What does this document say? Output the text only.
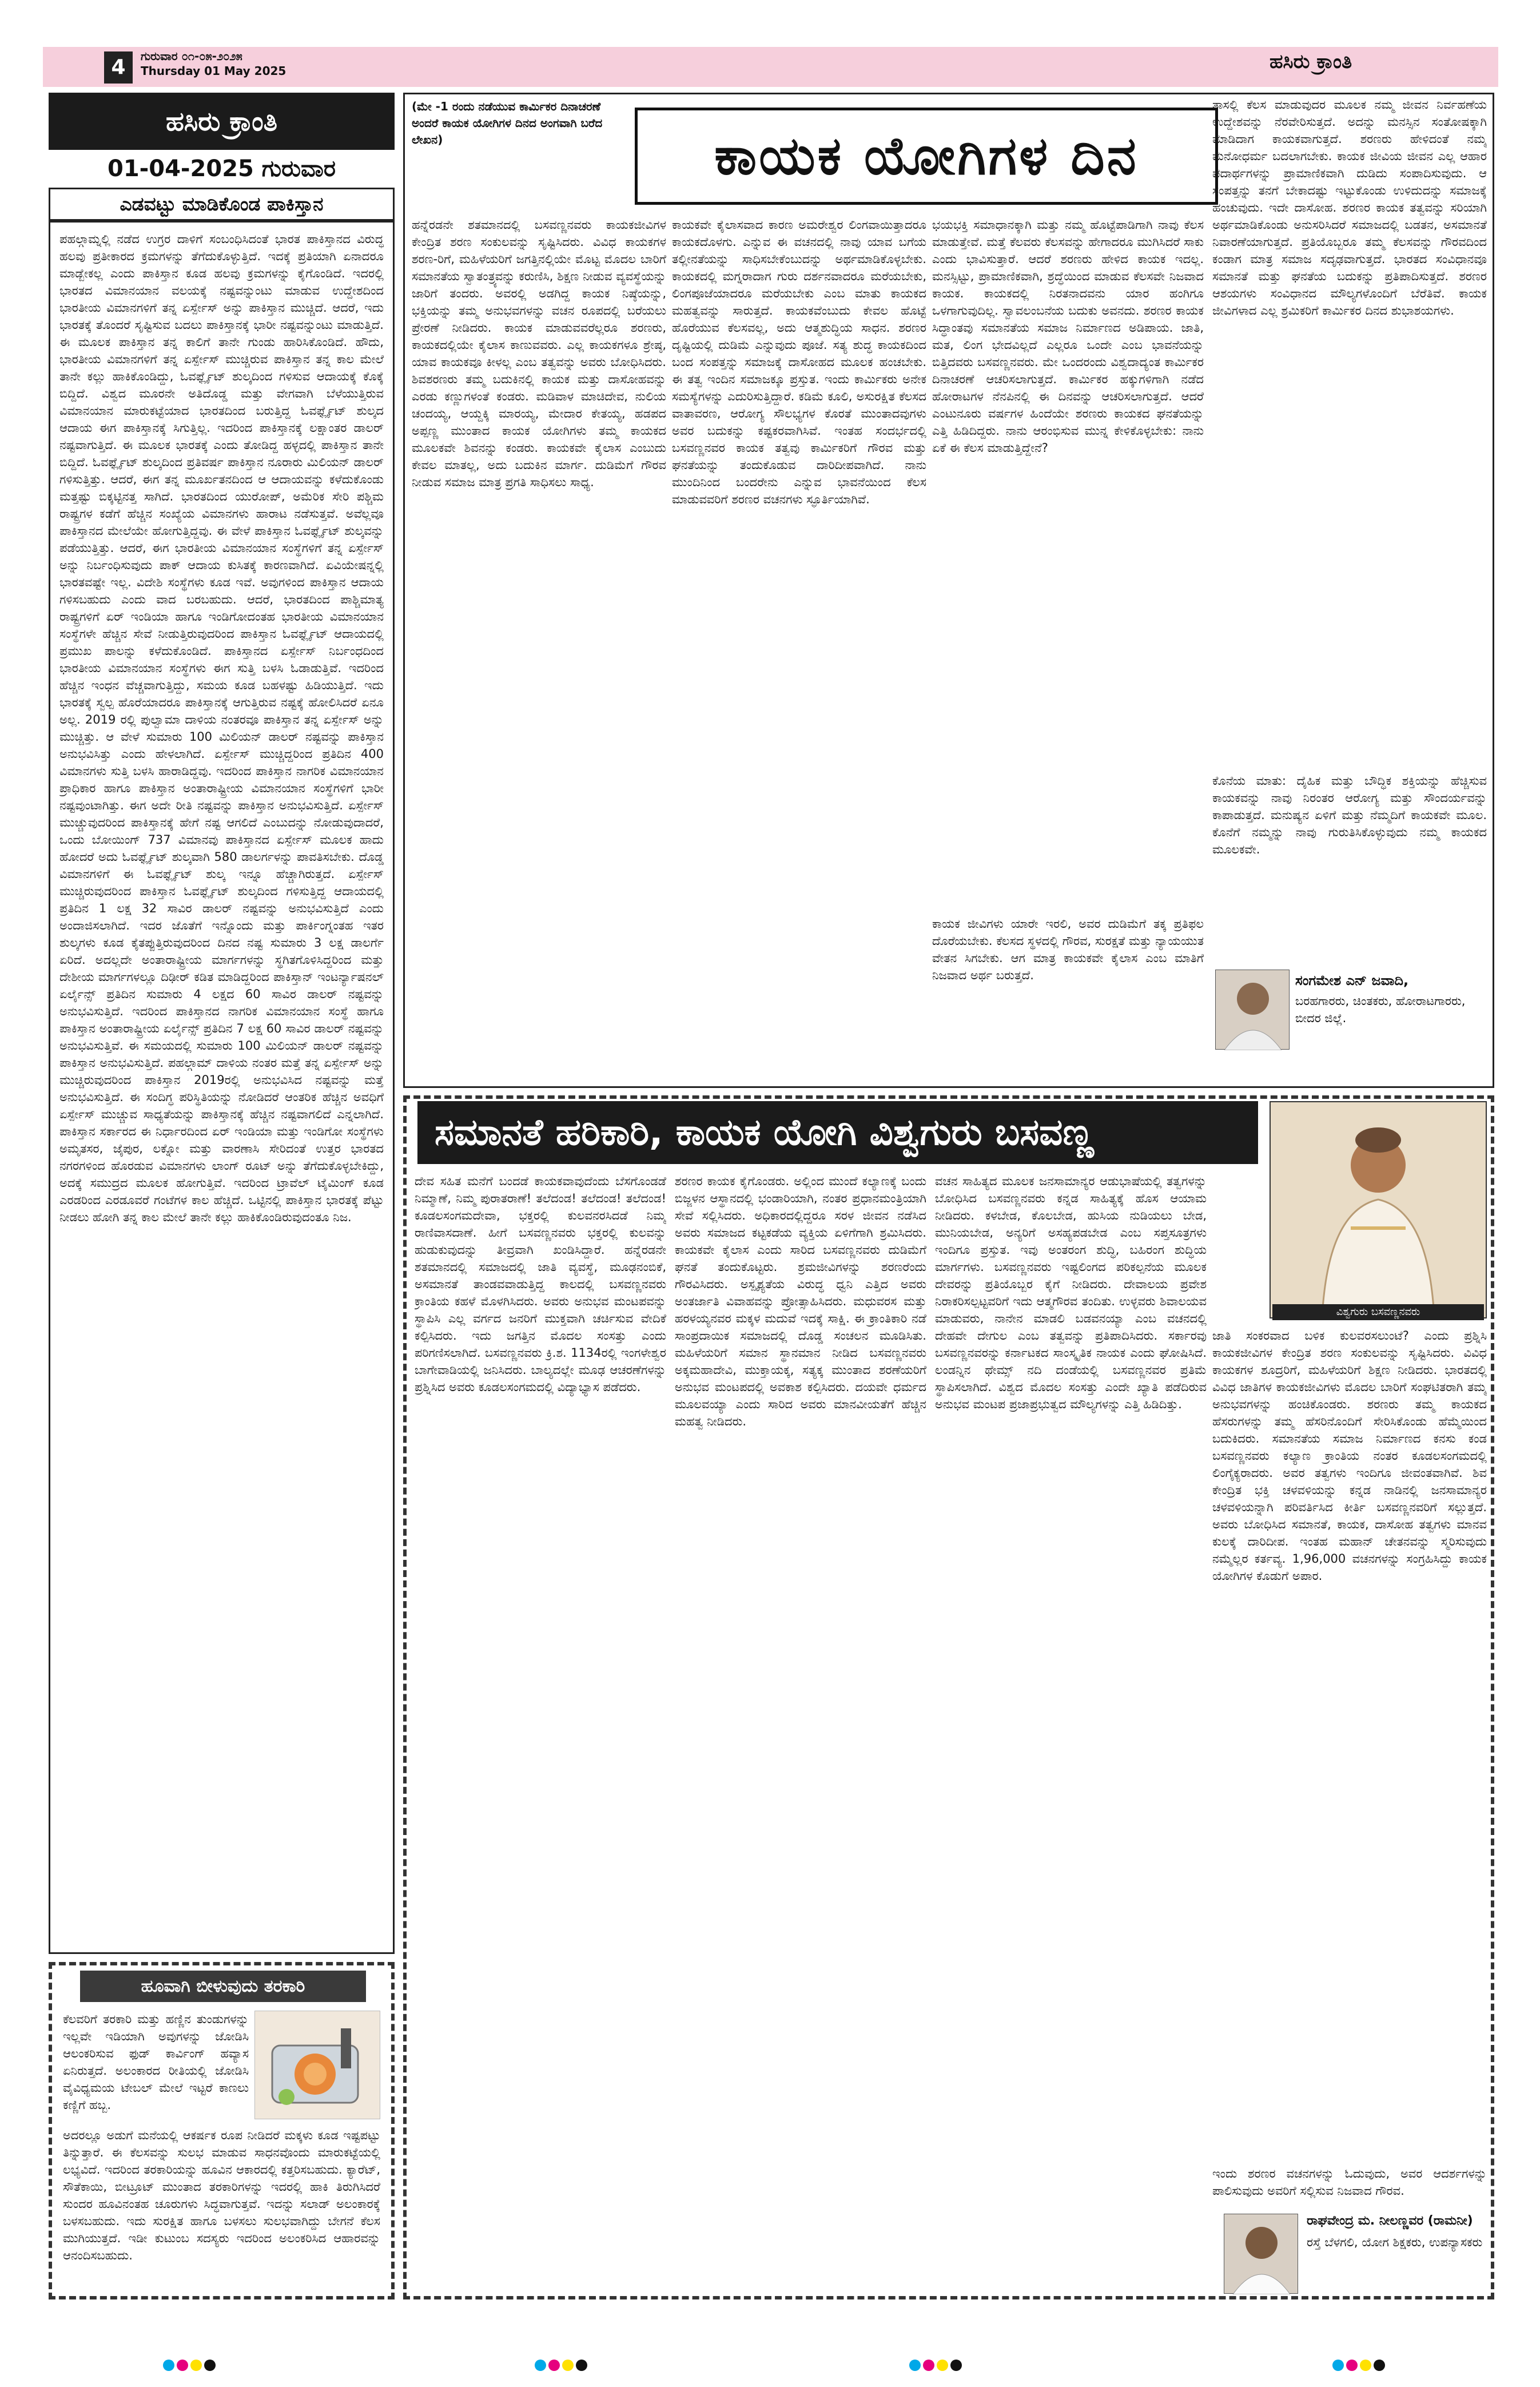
4	ಗುರುವಾರ ೦೧-೦೫-೨೦೨೫
Thursday 01 May 2025	ಹಸಿರು ಕ್ರಾಂತಿ
ಹಸಿರು ಕ್ರಾಂತಿ
01-04-2025 ಗುರುವಾರ
ಎಡವಟ್ಟು ಮಾಡಿಕೊಂಡ ಪಾಕಿಸ್ತಾನ
ಪಹಲ್ಗಾಮ್ನಲ್ಲಿ ನಡೆದ ಉಗ್ರರ ದಾಳಿಗೆ ಸಂಬಂಧಿಸಿದಂತೆ ಭಾರತ ಪಾಕಿಸ್ತಾನದ ವಿರುದ್ಧ ಹಲವು ಪ್ರತೀಕಾರದ ಕ್ರಮಗಳನ್ನು ತೆಗೆದುಕೊಳ್ಳುತ್ತಿದೆ. ಇದಕ್ಕೆ ಪ್ರತಿಯಾಗಿ ಏನಾದರೂ ಮಾಡ್ಬೇಕಲ್ಲ ಎಂದು ಪಾಕಿಸ್ತಾನ ಕೂಡ ಹಲವು ಕ್ರಮಗಳನ್ನು ಕೈಗೊಂಡಿದೆ. ಇದರಲ್ಲಿ ಭಾರತದ ವಿಮಾನಯಾನ ವಲಯಕ್ಕೆ ನಷ್ಟವನ್ನುಂಟು ಮಾಡುವ ಉದ್ದೇಶದಿಂದ ಭಾರತೀಯ ವಿಮಾನಗಳಿಗೆ ತನ್ನ ಏರ್ಸ್ಪೇಸ್ ಅನ್ನು ಪಾಕಿಸ್ತಾನ ಮುಚ್ಚಿದೆ. ಆದರೆ, ಇದು ಭಾರತಕ್ಕೆ ತೊಂದರೆ ಸೃಷ್ಟಿಸುವ ಬದಲು ಪಾಕಿಸ್ತಾನಕ್ಕೆ ಭಾರೀ ನಷ್ಟವನ್ನುಂಟು ಮಾಡುತ್ತಿದೆ. ಈ ಮೂಲಕ ಪಾಕಿಸ್ತಾನ ತನ್ನ ಕಾಲಿಗೆ ತಾನೇ ಗುಂಡು ಹಾರಿಸಿಕೊಂಡಿದೆ. ಹೌದು, ಭಾರತೀಯ ವಿಮಾನಗಳಿಗೆ ತನ್ನ ಏರ್ಸ್ಪೇಸ್ ಮುಚ್ಚಿರುವ ಪಾಕಿಸ್ತಾನ ತನ್ನ ಕಾಲ ಮೇಲೆ ತಾನೇ ಕಲ್ಲು ಹಾಕಿಕೊಂಡಿದ್ದು, ಓವರ್ಫ್ಲೈಟ್ ಶುಲ್ಕದಿಂದ ಗಳಿಸುವ ಆದಾಯಕ್ಕೆ ಕೊಕ್ಕೆ ಬಿದ್ದಿದೆ. ವಿಶ್ವದ ಮೂರನೇ ಅತಿದೊಡ್ಡ ಮತ್ತು ವೇಗವಾಗಿ ಬೆಳೆಯುತ್ತಿರುವ ವಿಮಾನಯಾನ ಮಾರುಕಟ್ಟೆಯಾದ ಭಾರತದಿಂದ ಬರುತ್ತಿದ್ದ ಓವರ್ಫ್ಲೈಟ್ ಶುಲ್ಕದ ಆದಾಯ ಈಗ ಪಾಕಿಸ್ತಾನಕ್ಕೆ ಸಿಗುತ್ತಿಲ್ಲ. ಇದರಿಂದ ಪಾಕಿಸ್ತಾನಕ್ಕೆ ಲಕ್ಷಾಂತರ ಡಾಲರ್ ನಷ್ಟವಾಗುತ್ತಿದೆ. ಈ ಮೂಲಕ ಭಾರತಕ್ಕೆ ಎಂದು ತೋಡಿದ್ದ ಹಳ್ಳದಲ್ಲಿ ಪಾಕಿಸ್ತಾನ ತಾನೇ ಬಿದ್ದಿದೆ. ಓವರ್ಫ್ಲೈಟ್ ಶುಲ್ಕದಿಂದ ಪ್ರತಿವರ್ಷ ಪಾಕಿಸ್ತಾನ ನೂರಾರು ಮಿಲಿಯನ್ ಡಾಲರ್ ಗಳಿಸುತ್ತಿತ್ತು. ಆದರೆ, ಈಗ ತನ್ನ ಮೂರ್ಖತನದಿಂದ ಆ ಆದಾಯವನ್ನು ಕಳೆದುಕೊಂಡು ಮತ್ತಷ್ಟು ಬಿಕ್ಕಟ್ಟಿನತ್ತ ಸಾಗಿದೆ. ಭಾರತದಿಂದ ಯುರೋಪ್, ಅಮೆರಿಕ ಸೇರಿ ಪಶ್ಚಿಮ ರಾಷ್ಟ್ರಗಳ ಕಡೆಗೆ ಹೆಚ್ಚಿನ ಸಂಖ್ಯೆಯ ವಿಮಾನಗಳು ಹಾರಾಟ ನಡೆಸುತ್ತವೆ. ಅವೆಲ್ಲವೂ ಪಾಕಿಸ್ತಾನದ ಮೇಲೆಯೇ ಹೋಗುತ್ತಿದ್ದವು. ಈ ವೇಳೆ ಪಾಕಿಸ್ತಾನ ಓವರ್ಫ್ಲೈಟ್ ಶುಲ್ಕವನ್ನು ಪಡೆಯುತ್ತಿತ್ತು. ಆದರೆ, ಈಗ ಭಾರತೀಯ ವಿಮಾನಯಾನ ಸಂಸ್ಥೆಗಳಿಗೆ ತನ್ನ ಏರ್ಸ್ಪೇಸ್ ಅನ್ನು ನಿರ್ಬಂಧಿಸುವುದು ಪಾಕ್ ಆದಾಯ ಕುಸಿತಕ್ಕೆ ಕಾರಣವಾಗಿದೆ. ಏವಿಯೇಷನ್ನಲ್ಲಿ ಭಾರತವಷ್ಟೇ ಇಲ್ಲ. ವಿದೇಶಿ ಸಂಸ್ಥೆಗಳು ಕೂಡ ಇವೆ. ಅವುಗಳಿಂದ ಪಾಕಿಸ್ತಾನ ಆದಾಯ ಗಳಿಸಬಹುದು ಎಂದು ವಾದ ಬರಬಹುದು. ಆದರೆ, ಭಾರತದಿಂದ ಪಾಶ್ಚಿಮಾತ್ಯ ರಾಷ್ಟ್ರಗಳಿಗೆ ಏರ್ ಇಂಡಿಯಾ ಹಾಗೂ ಇಂಡಿಗೋದಂತಹ ಭಾರತೀಯ ವಿಮಾನಯಾನ ಸಂಸ್ಥೆಗಳೇ ಹೆಚ್ಚಿನ ಸೇವೆ ನೀಡುತ್ತಿರುವುದರಿಂದ ಪಾಕಿಸ್ತಾನ ಓವರ್ಫ್ಲೈಟ್ ಆದಾಯದಲ್ಲಿ ಪ್ರಮುಖ ಪಾಲನ್ನು ಕಳೆದುಕೊಂಡಿದೆ. ಪಾಕಿಸ್ತಾನದ ಏರ್ಸ್ಪೇಸ್ ನಿರ್ಬಂಧದಿಂದ ಭಾರತೀಯ ವಿಮಾನಯಾನ ಸಂಸ್ಥೆಗಳು ಈಗ ಸುತ್ತಿ ಬಳಸಿ ಓಡಾಡುತ್ತಿವೆ. ಇದರಿಂದ ಹೆಚ್ಚಿನ ಇಂಧನ ವೆಚ್ಚವಾಗುತ್ತಿದ್ದು, ಸಮಯ ಕೂಡ ಬಹಳಷ್ಟು ಹಿಡಿಯುತ್ತಿದೆ. ಇದು ಭಾರತಕ್ಕೆ ಸ್ವಲ್ಪ ಹೊರೆಯಾದರೂ ಪಾಕಿಸ್ತಾನಕ್ಕೆ ಆಗುತ್ತಿರುವ ನಷ್ಟಕ್ಕೆ ಹೋಲಿಸಿದರೆ ಏನೂ ಅಲ್ಲ. 2019 ರಲ್ಲಿ ಪುಲ್ವಾಮಾ ದಾಳಿಯ ನಂತರವೂ ಪಾಕಿಸ್ತಾನ ತನ್ನ ಏರ್ಸ್ಪೇಸ್ ಅನ್ನು ಮುಚ್ಚಿತ್ತು. ಆ ವೇಳೆ ಸುಮಾರು 100 ಮಿಲಿಯನ್ ಡಾಲರ್ ನಷ್ಟವನ್ನು ಪಾಕಿಸ್ತಾನ ಅನುಭವಿಸಿತ್ತು ಎಂದು ಹೇಳಲಾಗಿದೆ. ಏರ್ಸ್ಪೇಸ್ ಮುಚ್ಚಿದ್ದರಿಂದ ಪ್ರತಿದಿನ 400 ವಿಮಾನಗಳು ಸುತ್ತಿ ಬಳಸಿ ಹಾರಾಡಿದ್ದವು. ಇದರಿಂದ ಪಾಕಿಸ್ತಾನ ನಾಗರಿಕ ವಿಮಾನಯಾನ ಪ್ರಾಧಿಕಾರ ಹಾಗೂ ಪಾಕಿಸ್ತಾನ ಅಂತಾರಾಷ್ಟ್ರೀಯ ವಿಮಾನಯಾನ ಸಂಸ್ಥೆಗಳಿಗೆ ಭಾರೀ ನಷ್ಟವುಂಟಾಗಿತ್ತು. ಈಗ ಅದೇ ರೀತಿ ನಷ್ಟವನ್ನು ಪಾಕಿಸ್ತಾನ ಅನುಭವಿಸುತ್ತಿದೆ. ಏರ್ಸ್ಪೇಸ್ ಮುಚ್ಚುವುದರಿಂದ ಪಾಕಿಸ್ತಾನಕ್ಕೆ ಹೇಗೆ ನಷ್ಟ ಆಗಲಿದೆ ಎಂಬುದನ್ನು ನೋಡುವುದಾದರೆ, ಒಂದು ಬೋಯಿಂಗ್ 737 ವಿಮಾನವು ಪಾಕಿಸ್ತಾನದ ಏರ್ಸ್ಪೇಸ್ ಮೂಲಕ ಹಾದು ಹೋದರೆ ಅದು ಓವರ್ಫ್ಲೈಟ್ ಶುಲ್ಕವಾಗಿ 580 ಡಾಲರ್ಗಳನ್ನು ಪಾವತಿಸಬೇಕು. ದೊಡ್ಡ ವಿಮಾನಗಳಿಗೆ ಈ ಓವರ್ಫ್ಲೈಟ್ ಶುಲ್ಕ ಇನ್ನೂ ಹೆಚ್ಚಾಗಿರುತ್ತದೆ. ಏರ್ಸ್ಪೇಸ್ ಮುಚ್ಚಿರುವುದರಿಂದ ಪಾಕಿಸ್ತಾನ ಓವರ್ಫ್ಲೈಟ್ ಶುಲ್ಕದಿಂದ ಗಳಿಸುತ್ತಿದ್ದ ಆದಾಯದಲ್ಲಿ ಪ್ರತಿದಿನ 1 ಲಕ್ಷ 32 ಸಾವಿರ ಡಾಲರ್ ನಷ್ಟವನ್ನು ಅನುಭವಿಸುತ್ತಿದೆ ಎಂದು ಅಂದಾಜಿಸಲಾಗಿದೆ. ಇದರ ಜೊತೆಗೆ ಇನ್ನೊಂದು ಮತ್ತು ಪಾರ್ಕಿಂಗ್ನಂತಹ ಇತರ ಶುಲ್ಕಗಳು ಕೂಡ ಕೈತಪ್ಪುತ್ತಿರುವುದರಿಂದ ದಿನದ ನಷ್ಟ ಸುಮಾರು 3 ಲಕ್ಷ ಡಾಲರ್ಗೆ ಏರಿದೆ. ಅದಲ್ಲದೇ ಅಂತಾರಾಷ್ಟ್ರೀಯ ಮಾರ್ಗಗಳನ್ನು ಸ್ಥಗಿತಗೊಳಿಸಿದ್ದರಿಂದ ಮತ್ತು ದೇಶೀಯ ಮಾರ್ಗಗಳಲ್ಲೂ ದಿಢೀರ್ ಕಡಿತ ಮಾಡಿದ್ದರಿಂದ ಪಾಕಿಸ್ತಾನ್ ಇಂಟರ್ನ್ಯಾಷನಲ್ ಏರ್ಲೈನ್ಸ್ ಪ್ರತಿದಿನ ಸುಮಾರು 4 ಲಕ್ಷದ 60 ಸಾವಿರ ಡಾಲರ್ ನಷ್ಟವನ್ನು ಅನುಭವಿಸುತ್ತಿದೆ. ಇದರಿಂದ ಪಾಕಿಸ್ತಾನದ ನಾಗರಿಕ ವಿಮಾನಯಾನ ಸಂಸ್ಥೆ ಹಾಗೂ ಪಾಕಿಸ್ತಾನ ಅಂತಾರಾಷ್ಟ್ರೀಯ ಏರ್ಲೈನ್ಸ್ ಪ್ರತಿದಿನ 7 ಲಕ್ಷ 60 ಸಾವಿರ ಡಾಲರ್ ನಷ್ಟವನ್ನು ಅನುಭವಿಸುತ್ತಿವೆ. ಈ ಸಮಯದಲ್ಲಿ ಸುಮಾರು 100 ಮಿಲಿಯನ್ ಡಾಲರ್ ನಷ್ಟವನ್ನು ಪಾಕಿಸ್ತಾನ ಅನುಭವಿಸುತ್ತಿದೆ. ಪಹಲ್ಗಾಮ್ ದಾಳಿಯ ನಂತರ ಮತ್ತೆ ತನ್ನ ಏರ್ಸ್ಪೇಸ್ ಅನ್ನು ಮುಚ್ಚಿರುವುದರಿಂದ ಪಾಕಿಸ್ತಾನ 2019ರಲ್ಲಿ ಅನುಭವಿಸಿದ ನಷ್ಟವನ್ನು ಮತ್ತೆ ಅನುಭವಿಸುತ್ತಿದೆ. ಈ ಸಂದಿಗ್ಧ ಪರಿಸ್ಥಿತಿಯನ್ನು ನೋಡಿದರೆ ಆಂತರಿಕ ಹೆಚ್ಚಿನ ಅವಧಿಗೆ ಏರ್ಸ್ಪೇಸ್ ಮುಚ್ಚುವ ಸಾಧ್ಯತೆಯನ್ನು ಪಾಕಿಸ್ತಾನಕ್ಕೆ ಹೆಚ್ಚಿನ ನಷ್ಟವಾಗಲಿದೆ ಎನ್ನಲಾಗಿದೆ. ಪಾಕಿಸ್ತಾನ ಸರ್ಕಾರದ ಈ ನಿರ್ಧಾರದಿಂದ ಏರ್ ಇಂಡಿಯಾ ಮತ್ತು ಇಂಡಿಗೋ ಸಂಸ್ಥೆಗಳು ಅಮೃತಸರ, ಜೈಪುರ, ಲಕ್ನೋ ಮತ್ತು ವಾರಣಾಸಿ ಸೇರಿದಂತೆ ಉತ್ತರ ಭಾರತದ ನಗರಗಳಿಂದ ಹೊರಡುವ ವಿಮಾನಗಳು ಲಾಂಗ್ ರೂಟ್ ಅನ್ನು ತೆಗೆದುಕೊಳ್ಳಬೇಕಿದ್ದು, ಅದಕ್ಕೆ ಸಮುದ್ರದ ಮೂಲಕ ಹೋಗುತ್ತಿವೆ. ಇದರಿಂದ ಟ್ರಾವೆಲ್ ಟೈಮಿಂಗ್ ಕೂಡ ಎರಡರಿಂದ ಎರಡೂವರೆ ಗಂಟೆಗಳ ಕಾಲ ಹೆಚ್ಚಿದೆ. ಒಟ್ಟಿನಲ್ಲಿ ಪಾಕಿಸ್ತಾನ ಭಾರತಕ್ಕೆ ಪೆಟ್ಟು ನೀಡಲು ಹೋಗಿ ತನ್ನ ಕಾಲ ಮೇಲೆ ತಾನೇ ಕಲ್ಲು ಹಾಕಿಕೊಂಡಿರುವುದಂತೂ ನಿಜ.
ಹೂವಾಗಿ ಬೀಳುವುದು ತರಕಾರಿ
ಕೆಲವರಿಗೆ ತರಕಾರಿ ಮತ್ತು ಹಣ್ಣಿನ ತುಂಡುಗಳನ್ನು ಇಲ್ಲವೇ ಇಡಿಯಾಗಿ ಅವುಗಳನ್ನು ಜೋಡಿಸಿ ಆಲಂಕರಿಸುವ ಫುಡ್ ಕಾರ್ವಿಂಗ್ ಹವ್ಯಾಸ ಏನಿರುತ್ತದೆ. ಅಲಂಕಾರದ ರೀತಿಯಲ್ಲಿ ಜೋಡಿಸಿ ವೈವಿಧ್ಯಮಯ ಟೇಬಲ್ ಮೇಲೆ ಇಟ್ಟರೆ ಕಾಣಲು ಕಣ್ಣಿಗೆ ಹಬ್ಬ.
ಅದರಲ್ಲೂ ಅಡುಗೆ ಮನೆಯಲ್ಲಿ ಆಕರ್ಷಕ ರೂಪ ನೀಡಿದರೆ ಮಕ್ಕಳು ಕೂಡ ಇಷ್ಟಪಟ್ಟು ತಿನ್ನುತ್ತಾರೆ. ಈ ಕೆಲಸವನ್ನು ಸುಲಭ ಮಾಡುವ ಸಾಧನವೊಂದು ಮಾರುಕಟ್ಟೆಯಲ್ಲಿ ಲಭ್ಯವಿದೆ. ಇದರಿಂದ ತರಕಾರಿಯನ್ನು ಹೂವಿನ ಆಕಾರದಲ್ಲಿ ಕತ್ತರಿಸಬಹುದು. ಕ್ಯಾರೆಟ್, ಸೌತೆಕಾಯಿ, ಬೀಟ್ರೂಟ್ ಮುಂತಾದ ತರಕಾರಿಗಳನ್ನು ಇದರಲ್ಲಿ ಹಾಕಿ ತಿರುಗಿಸಿದರೆ ಸುಂದರ ಹೂವಿನಂತಹ ಚೂರುಗಳು ಸಿದ್ಧವಾಗುತ್ತವೆ. ಇದನ್ನು ಸಲಾಡ್ ಅಲಂಕಾರಕ್ಕೆ ಬಳಸಬಹುದು. ಇದು ಸುರಕ್ಷಿತ ಹಾಗೂ ಬಳಸಲು ಸುಲಭವಾಗಿದ್ದು ಬೇಗನೆ ಕೆಲಸ ಮುಗಿಯುತ್ತದೆ. ಇಡೀ ಕುಟುಂಬ ಸದಸ್ಯರು ಇದರಿಂದ ಅಲಂಕರಿಸಿದ ಆಹಾರವನ್ನು ಆನಂದಿಸಬಹುದು.
(ಮೇ -1 ರಂದು ನಡೆಯುವ ಕಾರ್ಮಿಕರ ದಿನಾಚರಣೆ ಅಂದರೆ ಕಾಯಕ ಯೋಗಿಗಳ ದಿನದ ಅಂಗವಾಗಿ ಬರೆದ ಲೇಖನ)	ಕಾಯಕ ಯೋಗಿಗಳ ದಿನ
ಹನ್ನೆರಡನೇ ಶತಮಾನದಲ್ಲಿ ಬಸವಣ್ಣನವರು ಕಾಯಕಜೀವಿಗಳ ಕೇಂದ್ರಿತ ಶರಣ ಸಂಕುಲವನ್ನು ಸೃಷ್ಟಿಸಿದರು. ವಿವಿಧ ಕಾಯಕಗಳ ಶರಣ-ರಿಗೆ, ಮಹಿಳೆಯರಿಗೆ ಜಗತ್ತಿನಲ್ಲಿಯೇ ಮೊಟ್ಟ ಮೊದಲ ಬಾರಿಗೆ ಸಮಾನತೆಯ ಸ್ವಾತಂತ್ರ್ಯವನ್ನು ಕರುಣಿಸಿ, ಶಿಕ್ಷಣ ನೀಡುವ ವ್ಯವಸ್ಥೆಯನ್ನು ಜಾರಿಗೆ ತಂದರು. ಅವರಲ್ಲಿ ಅಡಗಿದ್ದ ಕಾಯಕ ನಿಷ್ಠೆಯನ್ನು, ಭಕ್ತಿಯನ್ನು ತಮ್ಮ ಅನುಭವಗಳನ್ನು ವಚನ ರೂಪದಲ್ಲಿ ಬರೆಯಲು ಪ್ರೇರಣೆ ನೀಡಿದರು. ಕಾಯಕ ಮಾಡುವವರೆಲ್ಲರೂ ಶರಣರು, ಕಾಯಕದಲ್ಲಿಯೇ ಕೈಲಾಸ ಕಾಣುವವರು. ಎಲ್ಲ ಕಾಯಕಗಳೂ ಶ್ರೇಷ್ಠ, ಯಾವ ಕಾಯಕವೂ ಕೀಳಲ್ಲ ಎಂಬ ತತ್ವವನ್ನು ಅವರು ಬೋಧಿಸಿದರು. ಶಿವಶರಣರು ತಮ್ಮ ಬದುಕಿನಲ್ಲಿ ಕಾಯಕ ಮತ್ತು ದಾಸೋಹವನ್ನು ಎರಡು ಕಣ್ಣುಗಳಂತೆ ಕಂಡರು. ಮಡಿವಾಳ ಮಾಚಿದೇವ, ನುಲಿಯ ಚಂದಯ್ಯ, ಆಯ್ದಕ್ಕಿ ಮಾರಯ್ಯ, ಮೇದಾರ ಕೇತಯ್ಯ, ಹಡಪದ ಅಪ್ಪಣ್ಣ ಮುಂತಾದ ಕಾಯಕ ಯೋಗಿಗಳು ತಮ್ಮ ಕಾಯಕದ ಮೂಲಕವೇ ಶಿವನನ್ನು ಕಂಡರು. ಕಾಯಕವೇ ಕೈಲಾಸ ಎಂಬುದು ಕೇವಲ ಮಾತಲ್ಲ, ಅದು ಬದುಕಿನ ಮಾರ್ಗ. ದುಡಿಮೆಗೆ ಗೌರವ ನೀಡುವ ಸಮಾಜ ಮಾತ್ರ ಪ್ರಗತಿ ಸಾಧಿಸಲು ಸಾಧ್ಯ.
ಕಾಯಕವೇ ಕೈಲಾಸವಾದ ಕಾರಣ ಅಮರೇಶ್ವರ ಲಿಂಗವಾಯಿತ್ತಾದರೂ ಕಾಯಕದೊಳಗು. ಎನ್ನುವ ಈ ವಚನದಲ್ಲಿ ನಾವು ಯಾವ ಬಗೆಯ ತಲ್ಲೀನತೆಯನ್ನು ಸಾಧಿಸಬೇಕೆಂಬುದನ್ನು ಅರ್ಥಮಾಡಿಕೊಳ್ಳಬೇಕು. ಕಾಯಕದಲ್ಲಿ ಮಗ್ನರಾದಾಗ ಗುರು ದರ್ಶನವಾದರೂ ಮರೆಯಬೇಕು, ಲಿಂಗಪೂಜೆಯಾದರೂ ಮರೆಯಬೇಕು ಎಂಬ ಮಾತು ಕಾಯಕದ ಮಹತ್ವವನ್ನು ಸಾರುತ್ತದೆ. ಕಾಯಕವೆಂಬುದು ಕೇವಲ ಹೊಟ್ಟೆ ಹೊರೆಯುವ ಕೆಲಸವಲ್ಲ, ಅದು ಆತ್ಮಶುದ್ಧಿಯ ಸಾಧನ. ಶರಣರ ದೃಷ್ಟಿಯಲ್ಲಿ ದುಡಿಮೆ ಎನ್ನುವುದು ಪೂಜೆ. ಸತ್ಯ ಶುದ್ಧ ಕಾಯಕದಿಂದ ಬಂದ ಸಂಪತ್ತನ್ನು ಸಮಾಜಕ್ಕೆ ದಾಸೋಹದ ಮೂಲಕ ಹಂಚಬೇಕು. ಈ ತತ್ವ ಇಂದಿನ ಸಮಾಜಕ್ಕೂ ಪ್ರಸ್ತುತ. ಇಂದು ಕಾರ್ಮಿಕರು ಅನೇಕ ಸಮಸ್ಯೆಗಳನ್ನು ಎದುರಿಸುತ್ತಿದ್ದಾರೆ. ಕಡಿಮೆ ಕೂಲಿ, ಅಸುರಕ್ಷಿತ ಕೆಲಸದ ವಾತಾವರಣ, ಆರೋಗ್ಯ ಸೌಲಭ್ಯಗಳ ಕೊರತೆ ಮುಂತಾದವುಗಳು ಅವರ ಬದುಕನ್ನು ಕಷ್ಟಕರವಾಗಿಸಿವೆ. ಇಂತಹ ಸಂದರ್ಭದಲ್ಲಿ ಬಸವಣ್ಣನವರ ಕಾಯಕ ತತ್ವವು ಕಾರ್ಮಿಕರಿಗೆ ಗೌರವ ಮತ್ತು ಘನತೆಯನ್ನು ತಂದುಕೊಡುವ ದಾರಿದೀಪವಾಗಿದೆ. ನಾನು ಮುಂದಿನಿಂದ ಬಂದರೇನು ಎನ್ನುವ ಭಾವನೆಯಿಂದ ಕೆಲಸ ಮಾಡುವವರಿಗೆ ಶರಣರ ವಚನಗಳು ಸ್ಫೂರ್ತಿಯಾಗಿವೆ.
ಭಯಭಕ್ತಿ ಸಮಾಧಾನಕ್ಕಾಗಿ ಮತ್ತು ನಮ್ಮ ಹೊಟ್ಟೆಪಾಡಿಗಾಗಿ ನಾವು ಕೆಲಸ ಮಾಡುತ್ತೇವೆ. ಮತ್ತೆ ಕೆಲವರು ಕೆಲಸವನ್ನು ಹೇಗಾದರೂ ಮುಗಿಸಿದರೆ ಸಾಕು ಎಂದು ಭಾವಿಸುತ್ತಾರೆ. ಆದರೆ ಶರಣರು ಹೇಳಿದ ಕಾಯಕ ಇದಲ್ಲ. ಮನಸ್ಸಿಟ್ಟು, ಪ್ರಾಮಾಣಿಕವಾಗಿ, ಶ್ರದ್ಧೆಯಿಂದ ಮಾಡುವ ಕೆಲಸವೇ ನಿಜವಾದ ಕಾಯಕ. ಕಾಯಕದಲ್ಲಿ ನಿರತನಾದವನು ಯಾರ ಹಂಗಿಗೂ ಒಳಗಾಗುವುದಿಲ್ಲ. ಸ್ವಾವಲಂಬನೆಯ ಬದುಕು ಅವನದು. ಶರಣರ ಕಾಯಕ ಸಿದ್ಧಾಂತವು ಸಮಾನತೆಯ ಸಮಾಜ ನಿರ್ಮಾಣದ ಅಡಿಪಾಯ. ಜಾತಿ, ಮತ, ಲಿಂಗ ಭೇದವಿಲ್ಲದೆ ಎಲ್ಲರೂ ಒಂದೇ ಎಂಬ ಭಾವನೆಯನ್ನು ಬಿತ್ತಿದವರು ಬಸವಣ್ಣನವರು. ಮೇ ಒಂದರಂದು ವಿಶ್ವದಾದ್ಯಂತ ಕಾರ್ಮಿಕರ ದಿನಾಚರಣೆ ಆಚರಿಸಲಾಗುತ್ತದೆ. ಕಾರ್ಮಿಕರ ಹಕ್ಕುಗಳಿಗಾಗಿ ನಡೆದ ಹೋರಾಟಗಳ ನೆನಪಿನಲ್ಲಿ ಈ ದಿನವನ್ನು ಆಚರಿಸಲಾಗುತ್ತದೆ. ಆದರೆ ಎಂಟುನೂರು ವರ್ಷಗಳ ಹಿಂದೆಯೇ ಶರಣರು ಕಾಯಕದ ಘನತೆಯನ್ನು ಎತ್ತಿ ಹಿಡಿದಿದ್ದರು. ನಾನು ಆರಂಭಿಸುವ ಮುನ್ನ ಕೇಳಿಕೊಳ್ಳಬೇಕು: ನಾನು ಏಕೆ ಈ ಕೆಲಸ ಮಾಡುತ್ತಿದ್ದೇನೆ?
ಕಾಯಕ ಜೀವಿಗಳು ಯಾರೇ ಇರಲಿ, ಅವರ ದುಡಿಮೆಗೆ ತಕ್ಕ ಪ್ರತಿಫಲ ದೊರೆಯಬೇಕು. ಕೆಲಸದ ಸ್ಥಳದಲ್ಲಿ ಗೌರವ, ಸುರಕ್ಷತೆ ಮತ್ತು ನ್ಯಾಯಯುತ ವೇತನ ಸಿಗಬೇಕು. ಆಗ ಮಾತ್ರ ಕಾಯಕವೇ ಕೈಲಾಸ ಎಂಬ ಮಾತಿಗೆ ನಿಜವಾದ ಅರ್ಥ ಬರುತ್ತದೆ.
ತಾಸಲ್ಲಿ ಕೆಲಸ ಮಾಡುವುದರ ಮೂಲಕ ನಮ್ಮ ಜೀವನ ನಿರ್ವಹಣೆಯ ಉದ್ದೇಶವನ್ನು ನೆರವೇರಿಸುತ್ತದೆ. ಅದನ್ನು ಮನಸ್ಸಿನ ಸಂತೋಷಕ್ಕಾಗಿ ಮಾಡಿದಾಗ ಕಾಯಕವಾಗುತ್ತದೆ. ಶರಣರು ಹೇಳಿದಂತೆ ನಮ್ಮ ಮನೋಧರ್ಮ ಬದಲಾಗಬೇಕು. ಕಾಯಕ ಜೀವಿಯ ಜೀವನ ಎಲ್ಲ ಆಹಾರ ಪದಾರ್ಥಗಳನ್ನು ಪ್ರಾಮಾಣಿಕವಾಗಿ ದುಡಿದು ಸಂಪಾದಿಸುವುದು. ಆ ಸಂಪತ್ತನ್ನು ತನಗೆ ಬೇಕಾದಷ್ಟು ಇಟ್ಟುಕೊಂಡು ಉಳಿದುದನ್ನು ಸಮಾಜಕ್ಕೆ ಹಂಚುವುದು. ಇದೇ ದಾಸೋಹ. ಶರಣರ ಕಾಯಕ ತತ್ವವನ್ನು ಸರಿಯಾಗಿ ಅರ್ಥಮಾಡಿಕೊಂಡು ಅನುಸರಿಸಿದರೆ ಸಮಾಜದಲ್ಲಿ ಬಡತನ, ಅಸಮಾನತೆ ನಿವಾರಣೆಯಾಗುತ್ತದೆ. ಪ್ರತಿಯೊಬ್ಬರೂ ತಮ್ಮ ಕೆಲಸವನ್ನು ಗೌರವದಿಂದ ಕಂಡಾಗ ಮಾತ್ರ ಸಮಾಜ ಸದೃಢವಾಗುತ್ತದೆ. ಭಾರತದ ಸಂವಿಧಾನವೂ ಸಮಾನತೆ ಮತ್ತು ಘನತೆಯ ಬದುಕನ್ನು ಪ್ರತಿಪಾದಿಸುತ್ತದೆ. ಶರಣರ ಆಶಯಗಳು ಸಂವಿಧಾನದ ಮೌಲ್ಯಗಳೊಂದಿಗೆ ಬೆರೆತಿವೆ. ಕಾಯಕ ಜೀವಿಗಳಾದ ಎಲ್ಲ ಶ್ರಮಿಕರಿಗೆ ಕಾರ್ಮಿಕರ ದಿನದ ಶುಭಾಶಯಗಳು.
ಕೊನೆಯ ಮಾತು: ದೈಹಿಕ ಮತ್ತು ಬೌದ್ಧಿಕ ಶಕ್ತಿಯನ್ನು ಹೆಚ್ಚಿಸುವ ಕಾಯಕವನ್ನು ನಾವು ನಿರಂತರ ಆರೋಗ್ಯ ಮತ್ತು ಸೌಂದರ್ಯವನ್ನು ಕಾಪಾಡುತ್ತದೆ. ಮನುಷ್ಯನ ಏಳಿಗೆ ಮತ್ತು ನೆಮ್ಮದಿಗೆ ಕಾಯಕವೇ ಮೂಲ. ಕೊನೆಗೆ ನಮ್ಮನ್ನು ನಾವು ಗುರುತಿಸಿಕೊಳ್ಳುವುದು ನಮ್ಮ ಕಾಯಕದ ಮೂಲಕವೇ.
ಸಂಗಮೇಶ ಎನ್ ಜವಾದಿ,
ಬರಹಗಾರರು, ಚಿಂತಕರು, ಹೋರಾಟಗಾರರು, ಬೀದರ ಜಿಲ್ಲೆ.
ಸಮಾನತೆ ಹರಿಕಾರಿ, ಕಾಯಕ ಯೋಗಿ ವಿಶ್ವಗುರು ಬಸವಣ್ಣ
ವಿಶ್ವಗುರು ಬಸವಣ್ಣನವರು
ದೇವ ಸಹಿತ ಮನೆಗೆ ಬಂದಡೆ ಕಾಯಕವಾವುದೆಂದು ಬೆಸಗೊಂಡಡೆ ನಿಮ್ಮಾಣೆ, ನಿಮ್ಮ ಪುರಾತರಾಣೆ! ತಲೆದಂಡ! ತಲೆದಂಡ! ತಲೆದಂಡ! ಕೂಡಲಸಂಗಮದೇವಾ, ಭಕ್ತರಲ್ಲಿ ಕುಲವನರಸಿದಡೆ ನಿಮ್ಮ ರಾಣಿವಾಸದಾಣೆ. ಹೀಗೆ ಬಸವಣ್ಣನವರು ಭಕ್ತರಲ್ಲಿ ಕುಲವನ್ನು ಹುಡುಕುವುದನ್ನು ತೀವ್ರವಾಗಿ ಖಂಡಿಸಿದ್ದಾರೆ. ಹನ್ನೆರಡನೇ ಶತಮಾನದಲ್ಲಿ ಸಮಾಜದಲ್ಲಿ ಜಾತಿ ವ್ಯವಸ್ಥೆ, ಮೂಢನಂಬಿಕೆ, ಅಸಮಾನತೆ ತಾಂಡವವಾಡುತ್ತಿದ್ದ ಕಾಲದಲ್ಲಿ ಬಸವಣ್ಣನವರು ಕ್ರಾಂತಿಯ ಕಹಳೆ ಮೊಳಗಿಸಿದರು. ಅವರು ಅನುಭವ ಮಂಟಪವನ್ನು ಸ್ಥಾಪಿಸಿ ಎಲ್ಲ ವರ್ಗದ ಜನರಿಗೆ ಮುಕ್ತವಾಗಿ ಚರ್ಚಿಸುವ ವೇದಿಕೆ ಕಲ್ಪಿಸಿದರು. ಇದು ಜಗತ್ತಿನ ಮೊದಲ ಸಂಸತ್ತು ಎಂದು ಪರಿಗಣಿಸಲಾಗಿದೆ. ಬಸವಣ್ಣನವರು ಕ್ರಿ.ಶ. 1134ರಲ್ಲಿ ಇಂಗಳೇಶ್ವರ ಬಾಗೇವಾಡಿಯಲ್ಲಿ ಜನಿಸಿದರು. ಬಾಲ್ಯದಲ್ಲೇ ಮೂಢ ಆಚರಣೆಗಳನ್ನು ಪ್ರಶ್ನಿಸಿದ ಅವರು ಕೂಡಲಸಂಗಮದಲ್ಲಿ ವಿದ್ಯಾಭ್ಯಾಸ ಪಡೆದರು.
ಶರಣರ ಕಾಯಕ ಕೈಗೊಂಡರು. ಅಲ್ಲಿಂದ ಮುಂದೆ ಕಲ್ಯಾಣಕ್ಕೆ ಬಂದು ಬಿಜ್ಜಳನ ಆಸ್ಥಾನದಲ್ಲಿ ಭಂಡಾರಿಯಾಗಿ, ನಂತರ ಪ್ರಧಾನಮಂತ್ರಿಯಾಗಿ ಸೇವೆ ಸಲ್ಲಿಸಿದರು. ಅಧಿಕಾರದಲ್ಲಿದ್ದರೂ ಸರಳ ಜೀವನ ನಡೆಸಿದ ಅವರು ಸಮಾಜದ ಕಟ್ಟಕಡೆಯ ವ್ಯಕ್ತಿಯ ಏಳಿಗೆಗಾಗಿ ಶ್ರಮಿಸಿದರು. ಕಾಯಕವೇ ಕೈಲಾಸ ಎಂದು ಸಾರಿದ ಬಸವಣ್ಣನವರು ದುಡಿಮೆಗೆ ಘನತೆ ತಂದುಕೊಟ್ಟರು. ಶ್ರಮಜೀವಿಗಳನ್ನು ಶರಣರೆಂದು ಗೌರವಿಸಿದರು. ಅಸ್ಪೃಶ್ಯತೆಯ ವಿರುದ್ಧ ಧ್ವನಿ ಎತ್ತಿದ ಅವರು ಅಂತರ್ಜಾತಿ ವಿವಾಹವನ್ನು ಪ್ರೋತ್ಸಾಹಿಸಿದರು. ಮಧುವರಸ ಮತ್ತು ಹರಳಯ್ಯನವರ ಮಕ್ಕಳ ಮದುವೆ ಇದಕ್ಕೆ ಸಾಕ್ಷಿ. ಈ ಕ್ರಾಂತಿಕಾರಿ ನಡೆ ಸಾಂಪ್ರದಾಯಿಕ ಸಮಾಜದಲ್ಲಿ ದೊಡ್ಡ ಸಂಚಲನ ಮೂಡಿಸಿತು. ಮಹಿಳೆಯರಿಗೆ ಸಮಾನ ಸ್ಥಾನಮಾನ ನೀಡಿದ ಬಸವಣ್ಣನವರು ಅಕ್ಕಮಹಾದೇವಿ, ಮುಕ್ತಾಯಕ್ಕ, ಸತ್ಯಕ್ಕ ಮುಂತಾದ ಶರಣೆಯರಿಗೆ ಅನುಭವ ಮಂಟಪದಲ್ಲಿ ಅವಕಾಶ ಕಲ್ಪಿಸಿದರು. ದಯವೇ ಧರ್ಮದ ಮೂಲವಯ್ಯಾ ಎಂದು ಸಾರಿದ ಅವರು ಮಾನವೀಯತೆಗೆ ಹೆಚ್ಚಿನ ಮಹತ್ವ ನೀಡಿದರು.
ವಚನ ಸಾಹಿತ್ಯದ ಮೂಲಕ ಜನಸಾಮಾನ್ಯರ ಆಡುಭಾಷೆಯಲ್ಲಿ ತತ್ವಗಳನ್ನು ಬೋಧಿಸಿದ ಬಸವಣ್ಣನವರು ಕನ್ನಡ ಸಾಹಿತ್ಯಕ್ಕೆ ಹೊಸ ಆಯಾಮ ನೀಡಿದರು. ಕಳಬೇಡ, ಕೊಲಬೇಡ, ಹುಸಿಯ ನುಡಿಯಲು ಬೇಡ, ಮುನಿಯಬೇಡ, ಅನ್ಯರಿಗೆ ಅಸಹ್ಯಪಡಬೇಡ ಎಂಬ ಸಪ್ತಸೂತ್ರಗಳು ಇಂದಿಗೂ ಪ್ರಸ್ತುತ. ಇವು ಅಂತರಂಗ ಶುದ್ಧಿ, ಬಹಿರಂಗ ಶುದ್ಧಿಯ ಮಾರ್ಗಗಳು. ಬಸವಣ್ಣನವರು ಇಷ್ಟಲಿಂಗದ ಪರಿಕಲ್ಪನೆಯ ಮೂಲಕ ದೇವರನ್ನು ಪ್ರತಿಯೊಬ್ಬರ ಕೈಗೆ ನೀಡಿದರು. ದೇವಾಲಯ ಪ್ರವೇಶ ನಿರಾಕರಿಸಲ್ಪಟ್ಟವರಿಗೆ ಇದು ಆತ್ಮಗೌರವ ತಂದಿತು. ಉಳ್ಳವರು ಶಿವಾಲಯವ ಮಾಡುವರು, ನಾನೇನ ಮಾಡಲಿ ಬಡವನಯ್ಯಾ ಎಂಬ ವಚನದಲ್ಲಿ ದೇಹವೇ ದೇಗುಲ ಎಂಬ ತತ್ವವನ್ನು ಪ್ರತಿಪಾದಿಸಿದರು. ಸರ್ಕಾರವು ಬಸವಣ್ಣನವರನ್ನು ಕರ್ನಾಟಕದ ಸಾಂಸ್ಕೃತಿಕ ನಾಯಕ ಎಂದು ಘೋಷಿಸಿದೆ. ಲಂಡನ್ನಿನ ಥೇಮ್ಸ್ ನದಿ ದಂಡೆಯಲ್ಲಿ ಬಸವಣ್ಣನವರ ಪ್ರತಿಮೆ ಸ್ಥಾಪಿಸಲಾಗಿದೆ. ವಿಶ್ವದ ಮೊದಲ ಸಂಸತ್ತು ಎಂದೇ ಖ್ಯಾತಿ ಪಡೆದಿರುವ ಅನುಭವ ಮಂಟಪ ಪ್ರಜಾಪ್ರಭುತ್ವದ ಮೌಲ್ಯಗಳನ್ನು ಎತ್ತಿ ಹಿಡಿದಿತ್ತು.
ಜಾತಿ ಸಂಕರವಾದ ಬಳಿಕ ಕುಲವರಸಲುಂಟೆ? ಎಂದು ಪ್ರಶ್ನಿಸಿ ಕಾಯಕಜೀವಿಗಳ ಕೇಂದ್ರಿತ ಶರಣ ಸಂಕುಲವನ್ನು ಸೃಷ್ಟಿಸಿದರು. ವಿವಿಧ ಕಾಯಕಗಳ ಶೂದ್ರರಿಗೆ, ಮಹಿಳೆಯರಿಗೆ ಶಿಕ್ಷಣ ನೀಡಿದರು. ಭಾರತದಲ್ಲಿ ವಿವಿಧ ಜಾತಿಗಳ ಕಾಯಕಜೀವಿಗಳು ಮೊದಲ ಬಾರಿಗೆ ಸಂಘಟಿತರಾಗಿ ತಮ್ಮ ಅನುಭವಗಳನ್ನು ಹಂಚಿಕೊಂಡರು. ಶರಣರು ತಮ್ಮ ಕಾಯಕದ ಹೆಸರುಗಳನ್ನು ತಮ್ಮ ಹೆಸರಿನೊಂದಿಗೆ ಸೇರಿಸಿಕೊಂಡು ಹೆಮ್ಮೆಯಿಂದ ಬದುಕಿದರು. ಸಮಾನತೆಯ ಸಮಾಜ ನಿರ್ಮಾಣದ ಕನಸು ಕಂಡ ಬಸವಣ್ಣನವರು ಕಲ್ಯಾಣ ಕ್ರಾಂತಿಯ ನಂತರ ಕೂಡಲಸಂಗಮದಲ್ಲಿ ಲಿಂಗೈಕ್ಯರಾದರು. ಅವರ ತತ್ವಗಳು ಇಂದಿಗೂ ಜೀವಂತವಾಗಿವೆ. ಶಿವ ಕೇಂದ್ರಿತ ಭಕ್ತಿ ಚಳವಳಿಯನ್ನು ಕನ್ನಡ ನಾಡಿನಲ್ಲಿ ಜನಸಾಮಾನ್ಯರ ಚಳವಳಿಯನ್ನಾಗಿ ಪರಿವರ್ತಿಸಿದ ಕೀರ್ತಿ ಬಸವಣ್ಣನವರಿಗೆ ಸಲ್ಲುತ್ತದೆ. ಅವರು ಬೋಧಿಸಿದ ಸಮಾನತೆ, ಕಾಯಕ, ದಾಸೋಹ ತತ್ವಗಳು ಮಾನವ ಕುಲಕ್ಕೆ ದಾರಿದೀಪ. ಇಂತಹ ಮಹಾನ್ ಚೇತನವನ್ನು ಸ್ಮರಿಸುವುದು ನಮ್ಮೆಲ್ಲರ ಕರ್ತವ್ಯ. 1,96,000 ವಚನಗಳನ್ನು ಸಂಗ್ರಹಿಸಿದ್ದು ಕಾಯಕ ಯೋಗಿಗಳ ಕೊಡುಗೆ ಅಪಾರ.
ಇಂದು ಶರಣರ ವಚನಗಳನ್ನು ಓದುವುದು, ಅವರ ಆದರ್ಶಗಳನ್ನು ಪಾಲಿಸುವುದು ಅವರಿಗೆ ಸಲ್ಲಿಸುವ ನಿಜವಾದ ಗೌರವ.
ರಾಘವೇಂದ್ರ ಮ. ನೀಲಣ್ಣವರ (ರಾಮನೀ)
ರಸ್ತೆ ಬೆಳಗಲಿ, ಯೋಗ ಶಿಕ್ಷಕರು, ಉಪನ್ಯಾಸಕರು
